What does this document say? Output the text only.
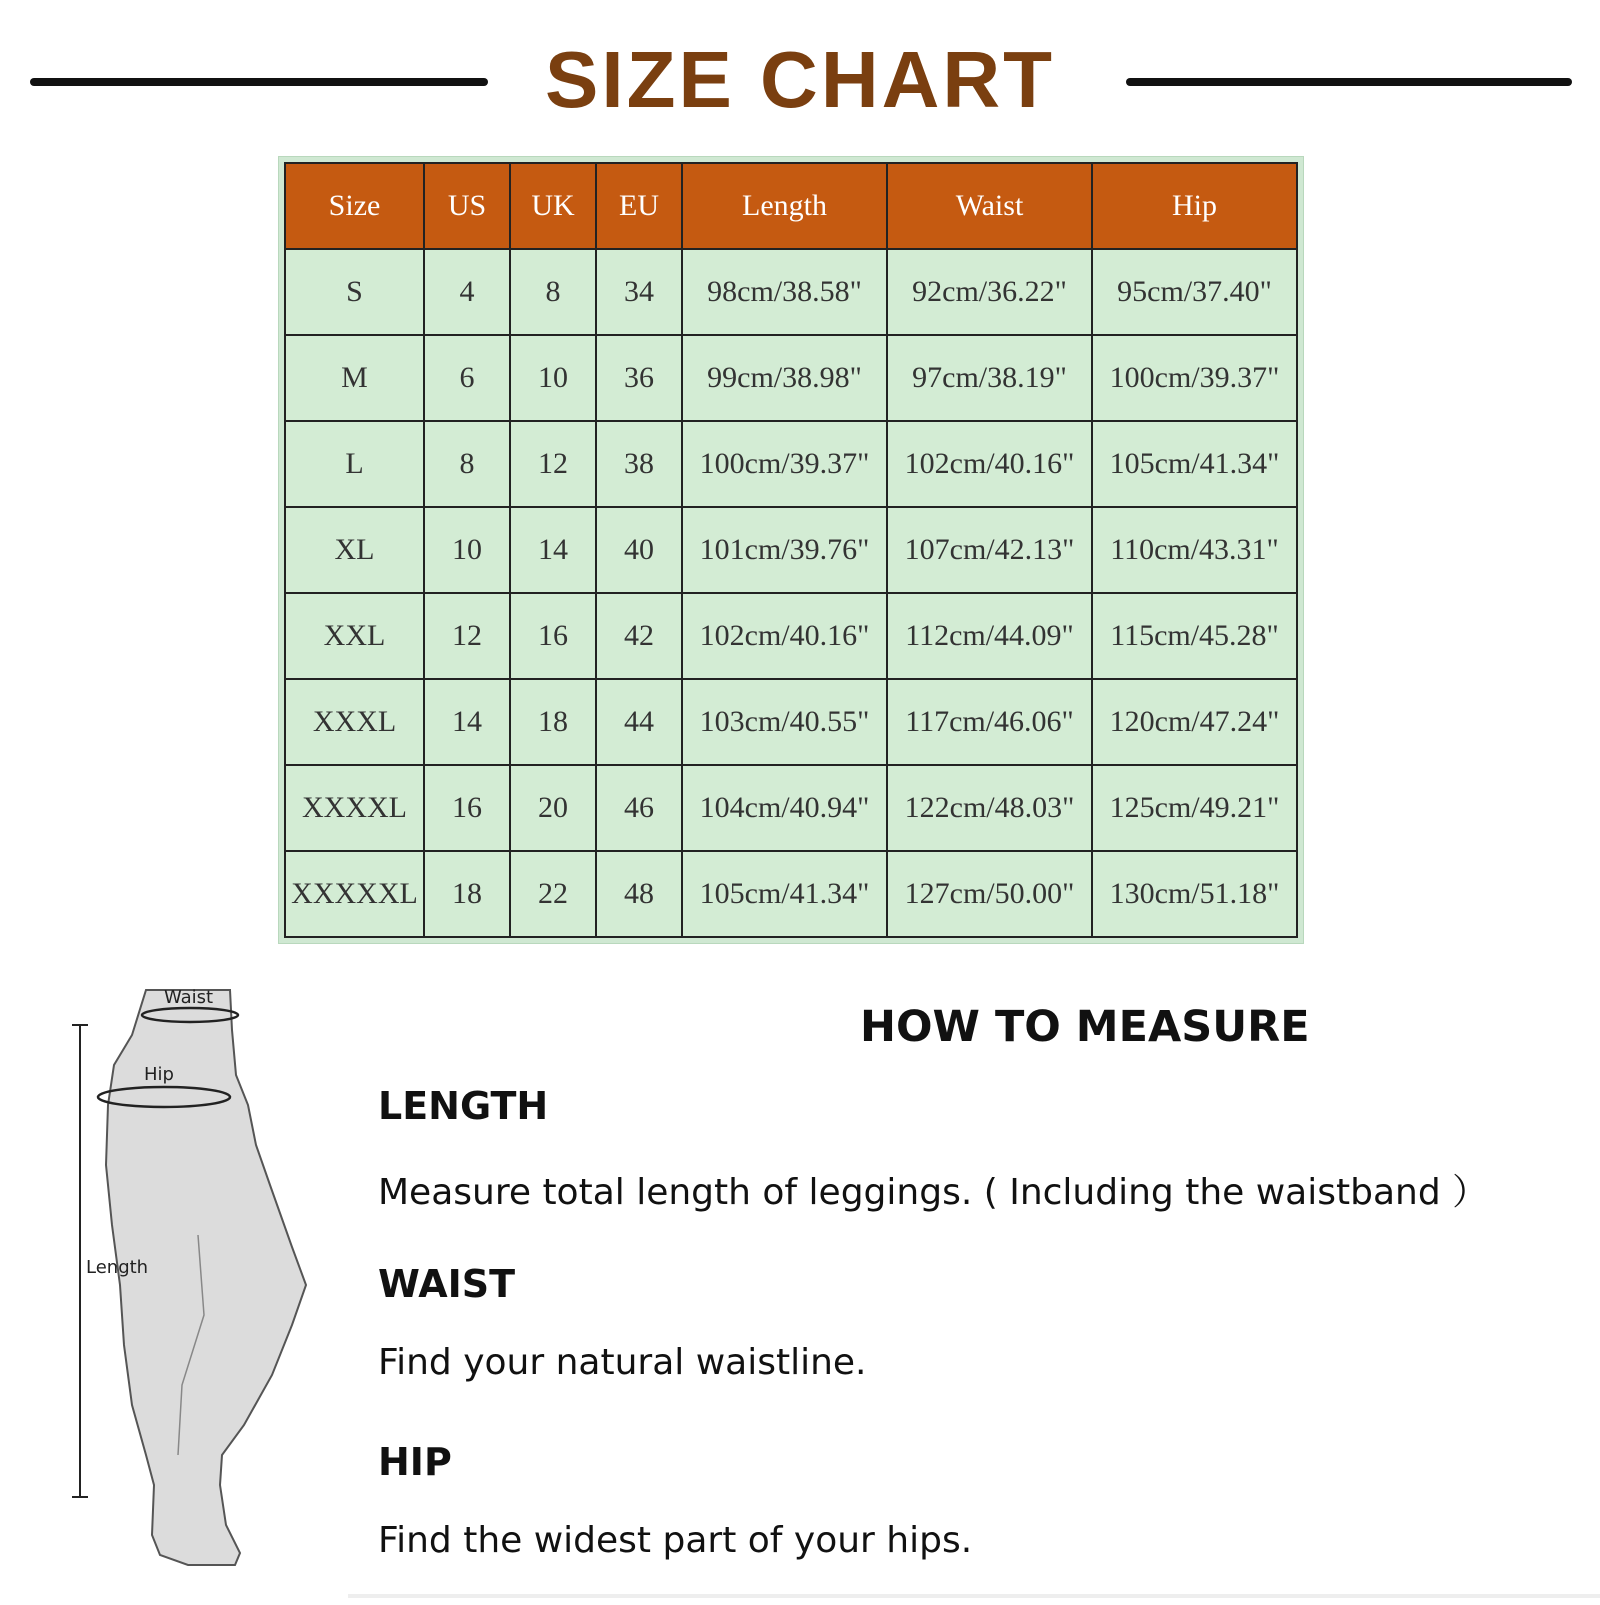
SIZE CHART
Size	US	UK	EU	Length	Waist	Hip
S	4	8	34	98cm/38.58"	92cm/36.22"	95cm/37.40"
M	6	10	36	99cm/38.98"	97cm/38.19"	100cm/39.37"
L	8	12	38	100cm/39.37"	102cm/40.16"	105cm/41.34"
XL	10	14	40	101cm/39.76"	107cm/42.13"	110cm/43.31"
XXL	12	16	42	102cm/40.16"	112cm/44.09"	115cm/45.28"
XXXL	14	18	44	103cm/40.55"	117cm/46.06"	120cm/47.24"
XXXXL	16	20	46	104cm/40.94"	122cm/48.03"	125cm/49.21"
XXXXXL	18	22	48	105cm/41.34"	127cm/50.00"	130cm/51.18"
Waist
Hip
Length
HOW TO MEASURE
LENGTH
Measure total length of leggings. ( Including the waistband ）
WAIST
Find your natural waistline.
HIP
Find the widest part of your hips.
